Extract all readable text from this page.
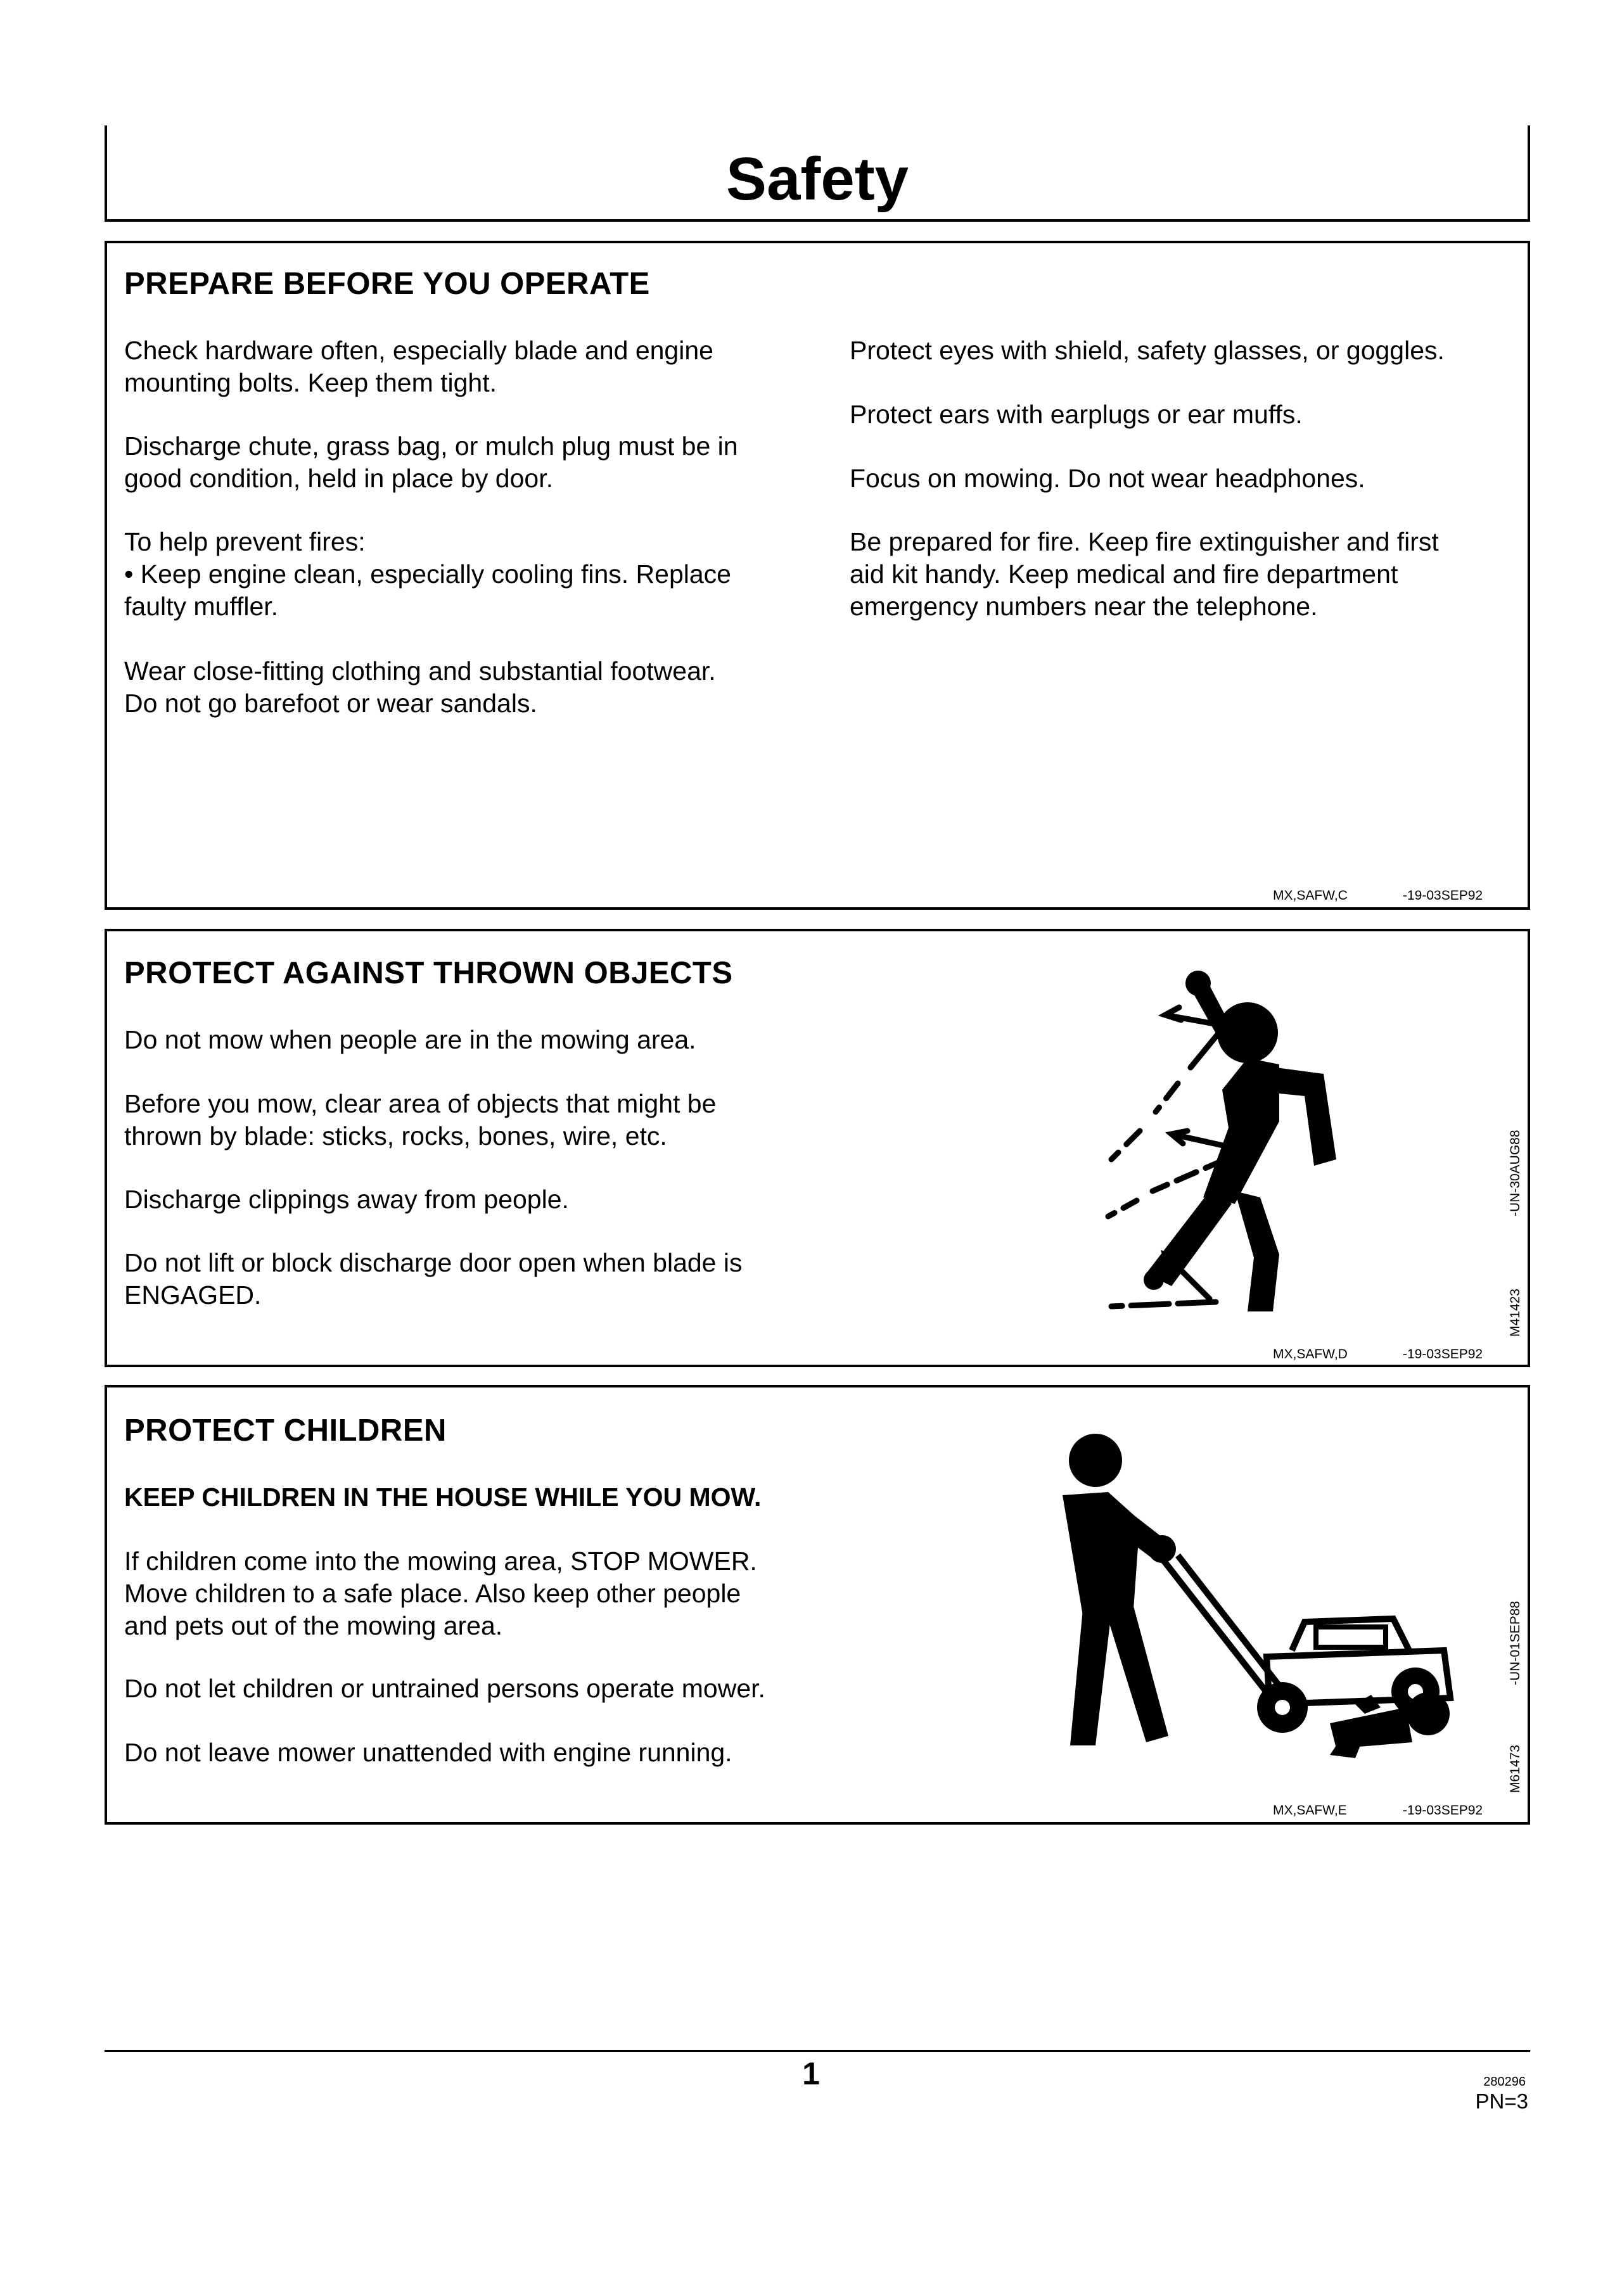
Safety
PREPARE BEFORE YOU OPERATE
Check hardware often, especially blade and engine
mounting bolts. Keep them tight.
Discharge chute, grass bag, or mulch plug must be in
good condition, held in place by door.
To help prevent fires:
• Keep engine clean, especially cooling fins. Replace
faulty muffler.
Wear close-fitting clothing and substantial footwear.
Do not go barefoot or wear sandals.
Protect eyes with shield, safety glasses, or goggles.
Protect ears with earplugs or ear muffs.
Focus on mowing. Do not wear headphones.
Be prepared for fire. Keep fire extinguisher and first
aid kit handy. Keep medical and fire department
emergency numbers near the telephone.
MX,SAFW,C	-19-03SEP92
PROTECT AGAINST THROWN OBJECTS
Do not mow when people are in the mowing area.
Before you mow, clear area of objects that might be
thrown by blade: sticks, rocks, bones, wire, etc.
Discharge clippings away from people.
Do not lift or block discharge door open when blade is
ENGAGED.
-UN-30AUG88
M41423
MX,SAFW,D	-19-03SEP92
PROTECT CHILDREN
KEEP CHILDREN IN THE HOUSE WHILE YOU MOW.
If children come into the mowing area, STOP MOWER.
Move children to a safe place. Also keep other people
and pets out of the mowing area.
Do not let children or untrained persons operate mower.
Do not leave mower unattended with engine running.
-UN-01SEP88
M61473
MX,SAFW,E	-19-03SEP92
1	280296
PN=3
